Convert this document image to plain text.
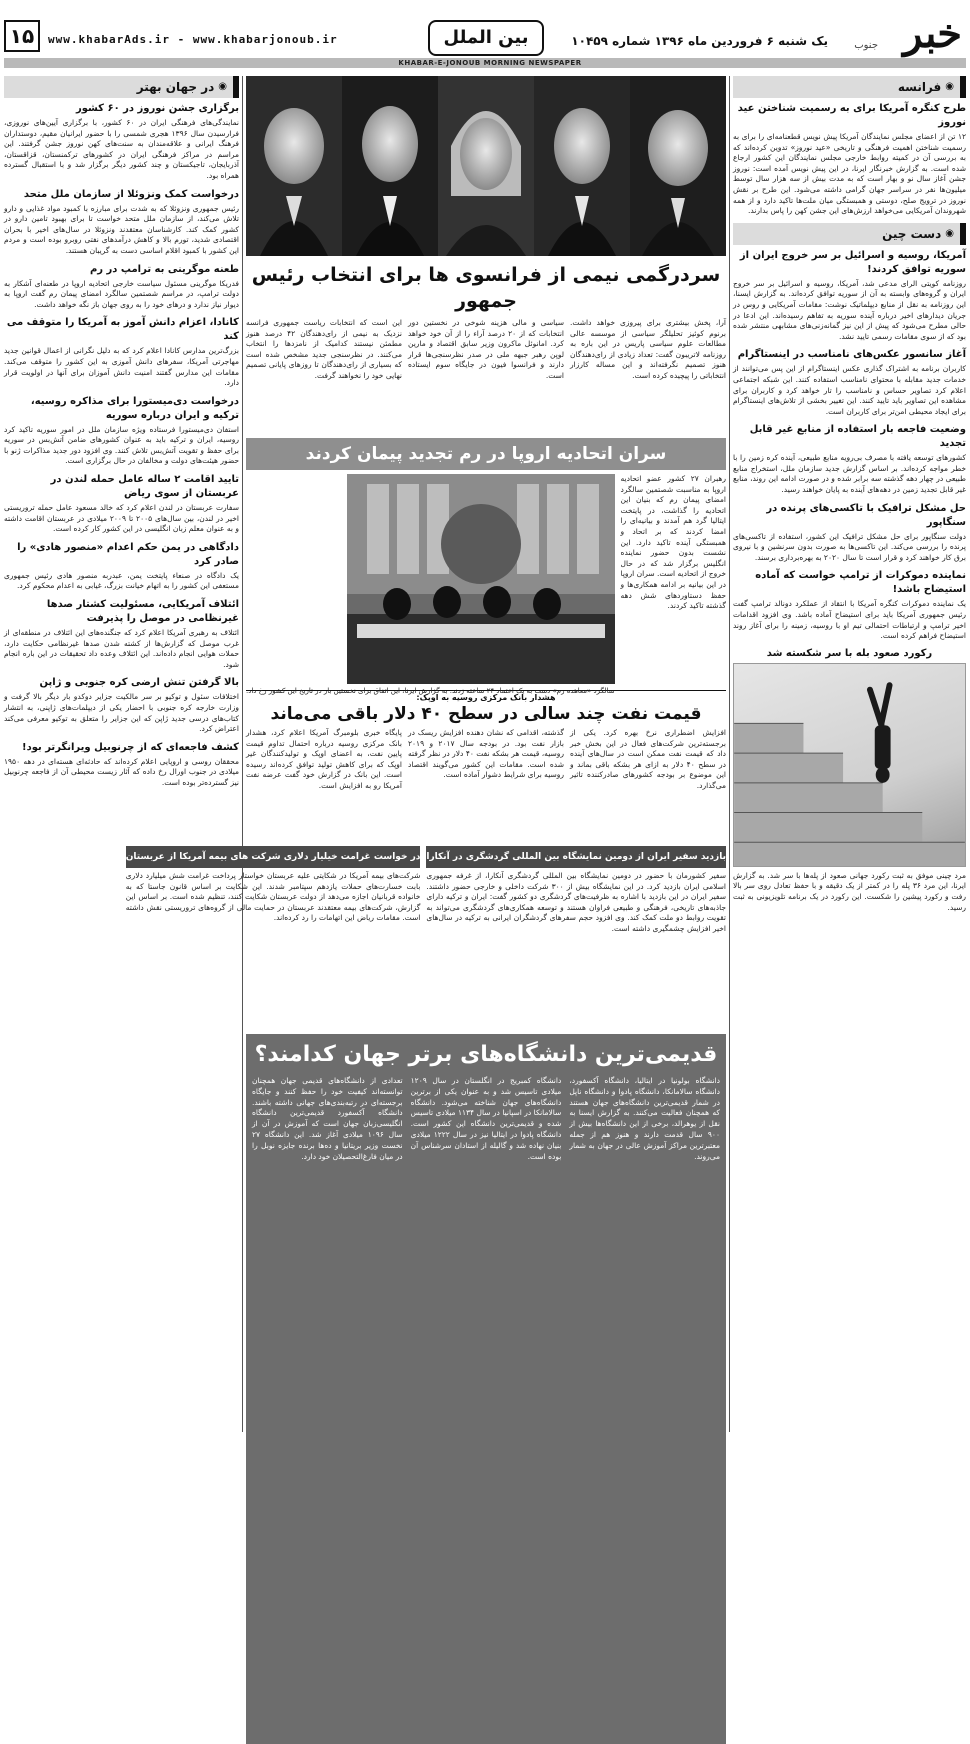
۱۵	www.khabarAds.ir - www.khabarjonoub.ir	بین الملل	یک شنبه ۶ فروردین ماه ۱۳۹۶ شماره ۱۰۴۵۹ خبر
جنوب
KHABAR-E-JONOUB MORNING NEWSPAPER
◉
در جهان بهتر
برگزاری جشن نوروز در ۶۰ کشور

نمایندگی‌های فرهنگی ایران در ۶۰ کشور، با برگزاری آیین‌های نوروزی، فرارسیدن سال ۱۳۹۶ هجری شمسی را با حضور ایرانیان مقیم، دوستداران فرهنگ ایرانی و علاقه‌مندان به سنت‌های کهن نوروز جشن گرفتند. این مراسم در مراکز فرهنگی ایران در کشورهای ترکمنستان، قزاقستان، آذربایجان، تاجیکستان و چند کشور دیگر برگزار شد و با استقبال گسترده همراه بود.

درخواست کمک ونزوئلا از سازمان ملل متحد

رئیس جمهوری ونزوئلا که به شدت برای مبارزه با کمبود مواد غذایی و دارو تلاش می‌کند، از سازمان ملل متحد خواست تا برای بهبود تامین دارو در کشور کمک کند. کارشناسان معتقدند ونزوئلا در سال‌های اخیر با بحران اقتصادی شدید، تورم بالا و کاهش درآمدهای نفتی روبرو بوده است و مردم این کشور با کمبود اقلام اساسی دست به گریبان هستند.

طعنه موگرینی به ترامپ در رم

فدریکا موگرینی مسئول سیاست خارجی اتحادیه اروپا در طعنه‌ای آشکار به دولت ترامپ، در مراسم شصتمین سالگرد امضای پیمان رم گفت اروپا به دیوار نیاز ندارد و درهای خود را به روی جهان باز نگه خواهد داشت.

کانادا، اعزام دانش آموز به آمریکا را متوقف می کند

بزرگ‌ترین مدارس کانادا اعلام کرد که به دلیل نگرانی از اعمال قوانین جدید مهاجرتی آمریکا، سفرهای دانش آموزی به این کشور را متوقف می‌کند. مقامات این مدارس گفتند امنیت دانش آموزان برای آنها در اولویت قرار دارد.

درخواست دی‌میستورا برای مذاکره روسیه، ترکیه و ایران درباره سوریه

استفان دی‌میستورا فرستاده ویژه سازمان ملل در امور سوریه تاکید کرد روسیه، ایران و ترکیه باید به عنوان کشورهای ضامن آتش‌بس در سوریه برای حفظ و تقویت آتش‌بس تلاش کنند. وی افزود دور جدید مذاکرات ژنو با حضور هیئت‌های دولت و مخالفان در حال برگزاری است.

تایید اقامت ۲ ساله عامل حمله لندن در عربستان از سوی ریاض

سفارت عربستان در لندن اعلام کرد که خالد مسعود عامل حمله تروریستی اخیر در لندن، بین سال‌های ۲۰۰۵ تا ۲۰۰۹ میلادی در عربستان اقامت داشته و به عنوان معلم زبان انگلیسی در این کشور کار کرده است.

دادگاهی در یمن حکم اعدام «منصور هادی» را صادر کرد

یک دادگاه در صنعاء پایتخت یمن، عبدربه منصور هادی رئیس جمهوری مستعفی این کشور را به اتهام خیانت بزرگ، غیابی به اعدام محکوم کرد.

ائتلاف آمریکایی، مسئولیت کشتار صدها غیرنظامی در موصل را پذیرفت

ائتلاف به رهبری آمریکا اعلام کرد که جنگنده‌های این ائتلاف در منطقه‌ای از غرب موصل که گزارش‌ها از کشته شدن صدها غیرنظامی حکایت دارد، حملات هوایی انجام داده‌اند. این ائتلاف وعده داد تحقیقات در این باره انجام شود.

بالا گرفتن تنش ارضی کره جنوبی و ژاپن

اختلافات سئول و توکیو بر سر مالکیت جزایر دوکدو بار دیگر بالا گرفت و وزارت خارجه کره جنوبی با احضار یکی از دیپلمات‌های ژاپنی، به انتشار کتاب‌های درسی جدید ژاپن که این جزایر را متعلق به توکیو معرفی می‌کند اعتراض کرد.

کشف فاجعه‌ای که از چرنوبیل ویرانگرتر بود!

محققان روسی و اروپایی اعلام کرده‌اند که حادثه‌ای هسته‌ای در دهه ۱۹۵۰ میلادی در جنوب اورال رخ داده که آثار زیست محیطی آن از فاجعه چرنوبیل نیز گسترده‌تر بوده است.

سردرگمی نیمی از فرانسوی ها برای انتخاب رئیس جمهور
آرا، پخش بیشتری برای پیروزی خواهد داشت. برنوم کوئیز تحلیلگر سیاسی از موسسه عالی مطالعات علوم سیاسی پاریس در این باره به روزنامه لاتریبون گفت: تعداد زیادی از رای‌دهندگان هنوز تصمیم نگرفته‌اند و این مساله کارزار انتخاباتی را پیچیده کرده است.
سیاسی و مالی هزینه شوخی در نخستین دور انتخابات که از ۲۰ درصد آراء را از آن خود خواهد کرد. امانوئل ماکرون وزیر سابق اقتصاد و مارین لوپن رهبر جبهه ملی در صدر نظرسنجی‌ها قرار دارند و فرانسوا فیون در جایگاه سوم ایستاده است.
این است که انتخابات ریاست جمهوری فرانسه نزدیک به نیمی از رای‌دهندگان ۴۲ درصد هنوز مطمئن نیستند کدامیک از نامزدها را انتخاب می‌کنند. در نظرسنجی جدید مشخص شده است که بسیاری از رای‌دهندگان تا روزهای پایانی تصمیم نهایی خود را نخواهند گرفت.
سران اتحادیه اروپا در رم تجدید پیمان کردند
رهبران ۲۷ کشور عضو اتحادیه اروپا به مناسبت شصتمین سالگرد امضای پیمان رم که بنیان این اتحادیه را گذاشت، در پایتخت ایتالیا گرد هم آمدند و بیانیه‌ای را امضا کردند که بر اتحاد و همبستگی آینده تاکید دارد. این نشست بدون حضور نماینده انگلیس برگزار شد که در حال خروج از اتحادیه است. سران اروپا در این بیانیه بر ادامه همکاری‌ها و حفظ دستاوردهای شش دهه گذشته تاکید کردند.
سالگرد «معاهده رم» دست به یک اعتماد ۲۴ ساعته زدند. به گزارش ایرنا، این اتفاق برای نخستین بار در تاریخ این کشور رخ داد.
هشدار بانک مرکزی روسیه به اوپک:
قیمت نفت چند سالی در سطح ۴۰ دلار باقی می‌ماند
افزایش اضطراری نرخ بهره کرد. یکی از برجسته‌ترین شرکت‌های فعال در این بخش خبر داد که قیمت نفت ممکن است در سال‌های آینده در سطح ۴۰ دلار به ازای هر بشکه باقی بماند و این موضوع بر بودجه کشورهای صادرکننده تاثیر می‌گذارد.
گذشته، اقدامی که نشان دهنده افزایش ریسک در بازار نفت بود. در بودجه سال ۲۰۱۷ و ۲۰۱۹ روسیه، قیمت هر بشکه نفت ۴۰ دلار در نظر گرفته شده است. مقامات این کشور می‌گویند اقتصاد روسیه برای شرایط دشوار آماده است.
پایگاه خبری بلومبرگ آمریکا اعلام کرد، هشدار بانک مرکزی روسیه درباره احتمال تداوم قیمت پایین نفت، به اعضای اوپک و تولیدکنندگان غیر اوپک که برای کاهش تولید توافق کرده‌اند رسیده است. این بانک در گزارش خود گفت عرضه نفت آمریکا رو به افزایش است.
بازدید سفیر ایران از دومین نمایشگاه بین المللی گردشگری در آنکارا
سفیر کشورمان با حضور در دومین نمایشگاه بین المللی گردشگری آنکارا، از غرفه جمهوری اسلامی ایران بازدید کرد. در این نمایشگاه بیش از ۳۰۰ شرکت داخلی و خارجی حضور داشتند. سفیر ایران در این بازدید با اشاره به ظرفیت‌های گردشگری دو کشور گفت: ایران و ترکیه دارای جاذبه‌های تاریخی، فرهنگی و طبیعی فراوان هستند و توسعه همکاری‌های گردشگری می‌تواند به تقویت روابط دو ملت کمک کند. وی افزود حجم سفرهای گردشگران ایرانی به ترکیه در سال‌های اخیر افزایش چشمگیری داشته است.
در خواست غرامت خیلیار دلاری شرکت های بیمه آمریکا از عربستان
شرکت‌های بیمه آمریکا در شکایتی علیه عربستان خواستار پرداخت غرامت شش میلیارد دلاری بابت خسارت‌های حملات یازدهم سپتامبر شدند. این شکایت بر اساس قانون جاستا که به خانواده قربانیان اجازه می‌دهد از دولت عربستان شکایت کنند، تنظیم شده است. بر اساس این گزارش، شرکت‌های بیمه معتقدند عربستان در حمایت مالی از گروه‌های تروریستی نقش داشته است. مقامات ریاض این اتهامات را رد کرده‌اند.
قدیمی‌ترین دانشگاه‌های برتر جهان کدامند؟

دانشگاه بولونیا در ایتالیا، دانشگاه آکسفورد، دانشگاه سالامانکا، دانشگاه پادوا و دانشگاه ناپل در شمار قدیمی‌ترین دانشگاه‌های جهان هستند که همچنان فعالیت می‌کنند. به گزارش ایسنا به نقل از یوهرالد، برخی از این دانشگاه‌ها بیش از ۹۰۰ سال قدمت دارند و هنوز هم از جمله معتبرترین مراکز آموزش عالی در جهان به شمار می‌روند.

دانشگاه کمبریج در انگلستان در سال ۱۲۰۹ میلادی تاسیس شد و به عنوان یکی از برترین دانشگاه‌های جهان شناخته می‌شود. دانشگاه سالامانکا در اسپانیا در سال ۱۱۳۴ میلادی تاسیس شده و قدیمی‌ترین دانشگاه این کشور است. دانشگاه پادوا در ایتالیا نیز در سال ۱۲۲۲ میلادی بنیان نهاده شد و گالیله از استادان سرشناس آن بوده است.

تعدادی از دانشگاه‌های قدیمی جهان همچنان توانسته‌اند کیفیت خود را حفظ کنند و جایگاه برجسته‌ای در رتبه‌بندی‌های جهانی داشته باشند. دانشگاه آکسفورد قدیمی‌ترین دانشگاه انگلیسی‌زبان جهان است که آموزش در آن از سال ۱۰۹۶ میلادی آغاز شد. این دانشگاه ۲۷ نخست وزیر بریتانیا و ده‌ها برنده جایزه نوبل را در میان فارغ‌التحصیلان خود دارد.

◉
فرانسه
طرح کنگره آمریکا برای به رسمیت شناختن عید نوروز

۱۲ تن از اعضای مجلس نمایندگان آمریکا پیش نویس قطعنامه‌ای را برای به رسمیت شناختن اهمیت فرهنگی و تاریخی «عید نوروز» تدوین کرده‌اند که به بررسی آن در کمیته روابط خارجی مجلس نمایندگان این کشور ارجاع شده است. به گزارش خبرنگار ایرنا، در این پیش نویس آمده است: نوروز جشن آغاز سال نو و بهار است که به مدت بیش از سه هزار سال توسط میلیون‌ها نفر در سراسر جهان گرامی داشته می‌شود. این طرح بر نقش نوروز در ترویج صلح، دوستی و همبستگی میان ملت‌ها تاکید دارد و از همه شهروندان آمریکایی می‌خواهد ارزش‌های این جشن کهن را پاس بدارند.

◉
دست چین
آمریکا، روسیه و اسرائیل بر سر خروج ایران از سوریه توافق کردند!

روزنامه کویتی الرای مدعی شد، آمریکا، روسیه و اسرائیل بر سر خروج ایران و گروه‌های وابسته به آن از سوریه توافق کرده‌اند. به گزارش ایسنا، این روزنامه به نقل از منابع دیپلماتیک نوشت: مقامات آمریکایی و روس در جریان دیدارهای اخیر درباره آینده سوریه به تفاهم رسیده‌اند. این ادعا در حالی مطرح می‌شود که پیش از این نیز گمانه‌زنی‌های مشابهی منتشر شده بود که از سوی مقامات رسمی تایید نشد.

آغاز سانسور عکس‌های نامناسب در اینستاگرام

کاربران برنامه به اشتراک گذاری عکس اینستاگرام از این پس می‌توانند از خدمات جدید مقابله با محتوای نامناسب استفاده کنند. این شبکه اجتماعی اعلام کرد تصاویر حساس و نامناسب را تار خواهد کرد و کاربران برای مشاهده این تصاویر باید تایید کنند. این تغییر بخشی از تلاش‌های اینستاگرام برای ایجاد محیطی امن‌تر برای کاربران است.

وضعیت فاجعه بار استفاده از منابع غیر قابل تجدید

کشورهای توسعه یافته با مصرف بی‌رویه منابع طبیعی، آینده کره زمین را با خطر مواجه کرده‌اند. بر اساس گزارش جدید سازمان ملل، استخراج منابع طبیعی در چهار دهه گذشته سه برابر شده و در صورت ادامه این روند، منابع غیر قابل تجدید زمین در دهه‌های آینده به پایان خواهند رسید.

حل مشکل ترافیک با تاکسی‌های پرنده در سنگاپور

دولت سنگاپور برای حل مشکل ترافیک این کشور، استفاده از تاکسی‌های پرنده را بررسی می‌کند. این تاکسی‌ها به صورت بدون سرنشین و با نیروی برق کار خواهند کرد و قرار است تا سال ۲۰۲۰ به بهره‌برداری برسند.

نماینده دموکرات از ترامپ خواست که آماده استیضاح باشد!

یک نماینده دموکرات کنگره آمریکا با انتقاد از عملکرد دونالد ترامپ گفت رئیس جمهوری آمریکا باید برای استیضاح آماده باشد. وی افزود اقدامات اخیر ترامپ و ارتباطات احتمالی تیم او با روسیه، زمینه را برای آغاز روند استیضاح فراهم کرده است.

رکورد صعود بله با سر شکسته شد
مرد چینی موفق به ثبت رکورد جهانی صعود از پله‌ها با سر شد. به گزارش ایرنا، این مرد ۳۶ پله را در کمتر از یک دقیقه و با حفظ تعادل روی سر بالا رفت و رکورد پیشین را شکست. این رکورد در یک برنامه تلویزیونی به ثبت رسید.
